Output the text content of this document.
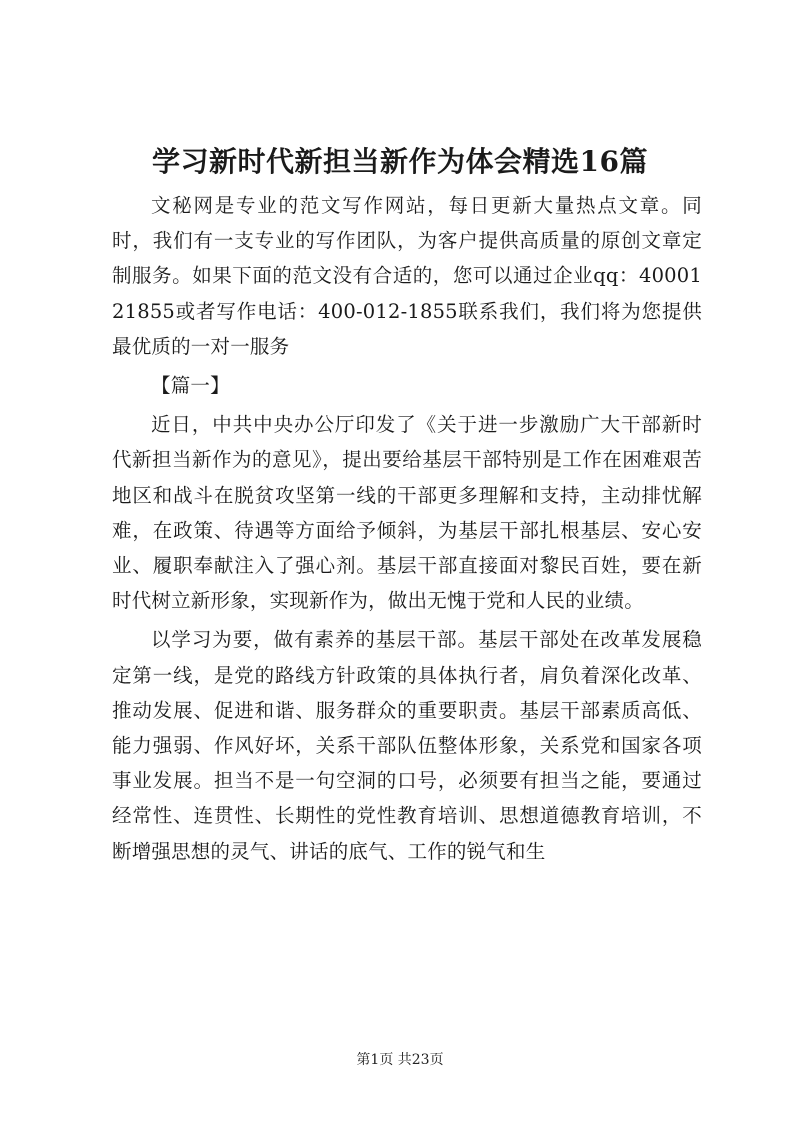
学习新时代新担当新作为体会精选16篇

文秘网是专业的范文写作网站，每日更新大量热点文章。同时，我们有一支专业的写作团队，为客户提供高质量的原创文章定制服务。如果下面的范文没有合适的，您可以通过企业qq：4000121855或者写作电话：400-012-1855联系我们，我们将为您提供最优质的一对一服务

【篇一】

近日，中共中央办公厅印发了《关于进一步激励广大干部新时代新担当新作为的意见》，提出要给基层干部特别是工作在困难艰苦地区和战斗在脱贫攻坚第一线的干部更多理解和支持，主动排忧解难，在政策、待遇等方面给予倾斜，为基层干部扎根基层、安心安业、履职奉献注入了强心剂。基层干部直接面对黎民百姓，要在新时代树立新形象，实现新作为，做出无愧于党和人民的业绩。

以学习为要，做有素养的基层干部。基层干部处在改革发展稳定第一线，是党的路线方针政策的具体执行者，肩负着深化改革、推动发展、促进和谐、服务群众的重要职责。基层干部素质高低、能力强弱、作风好坏，关系干部队伍整体形象，关系党和国家各项事业发展。担当不是一句空洞的口号，必须要有担当之能，要通过经常性、连贯性、长期性的党性教育培训、思想道德教育培训，不断增强思想的灵气、讲话的底气、工作的锐气和生

第1页 共23页
